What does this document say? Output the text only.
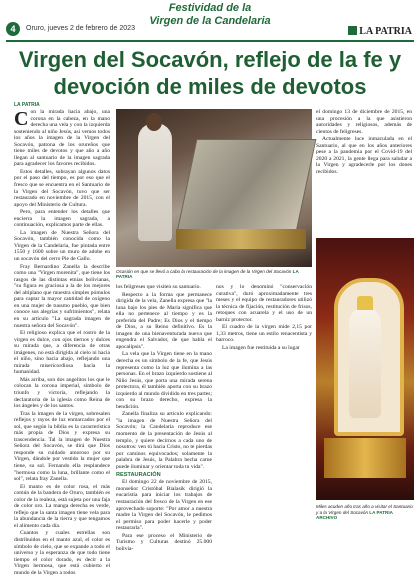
4	Oruro, jueves 2 de febrero de 2023
Festividad de la
Virgen de la Candelaria
LA PATRIA
Virgen del Socavón, reflejo de la fe y devoción de miles de devotos
LA PATRIA
C on la mirada hacia abajo, una corona en la cabeza, en la mano derecha una vela y con la izquierda sosteniendo al niño Jesús, así vemos todos los años la imagen de la Virgen del Socavón, patrona de los orureños que tiene miles de devotos y que año a año llegan al santuario de la imagen sagrada para agradecer los favores recibidos.

Estos detalles, subrayan algunos datos por el paso del tiempo, es por eso que el fresco que se encuentra en el Santuario de la Virgen del Socavón, tuvo que ser restaurado en noviembre de 2015, con el apoyo del Ministerio de Cultura.

Pero, para entender los detalles que encierra la imagen sagrada, a continuación, explicamos parte de ellas.

La imagen de Nuestra Señora del Socavón, también conocida como la Virgen de la Candelaria, fue pintada entre 1550 y 1600 sobre un muro de adobe en un socavón del cerro Pie de Gallo.

Fray Bernardino Zanella la describe como una "Virgen morenita", que tiene los rasgos de las distintas etnias bolivianas, "su figura es graciosa a la de los mejores del altiplano que muestra simples pómulos para captar la mayor cantidad de oxígeno en una mujer de tuusmo pueblo, que bien conoce sus alegrías y sufrimientos", relata en su artículo "La sagrada imagen de nuestra señora del Socavón".

El religioso explica que el rostro de la virgen es dulce, con ojos tiernos y dulces su mirada que, a diferencia de otras imágenes, no está dirigida al cielo ni hacia el niño, sino hacia abajo, reflejando una mirada misericordiosa hacia la humanidad.

Más arriba, son dos angelitos los que le colocan la corona imperial, símbolo de triunfo y victoria, reflejando la declaratoria de la iglesia como Reina de los ángeles y de los santos.

Tras la imagen de la virgen, sobresalen reflejos y rayos de luz enmarcados por el sol, que según la biblia es la característica más propia de Dios y expresa su trascendencia. Tal la imagen de Nuestra Señora del Socavón, se dirá que Dios responde su cuidado amoroso por su Virgen, dándole por vestido la mujer que tiene, su sol. Fernando ella resplandece "hermosa como la luna, brillante como el sol", relata fray Zanella.

El manto es de color rosa, el más común de la bandera de Oruro, también es color de la realeza, está sujeta por una faja de color oro. La manga derecha es verde, reflejo que la santa imagen tiene vela para la abundancia de la tierra y que tengamos el alimento cada día.

Cuantos y cuales estrellas son distribuidos en el manto azul, el color es símbolo de cielo, que se expande a todo el universo y la esperanza de que todo tiene tiempo el color dorado, es decir a la Virgen hermosa, que está cubierto el mundo de la Virgen a todos

Ocasión en que se llevó a cabo la restauración de la imagen de la Virgen del Socavón LA PATRIA

los feligreses que visiten su santuario.

Respecto a la forma que permanece dirigida de la vela, Zanella expresa que "la luna bajo los pies de María significa que ella no pertenece al tiempo y es la preferida del Padre; Es Dios y el tiempo de Dios, a su Reino definitivo. Es la imagen de una bienaventurada nueva que engendra el Salvador, de que habla el apocalipsis".

La vela que la Virgen tiene en la mano derecha es un símbolo de la fe, que Jesús representa como la luz que ilumina a las personas. En el brazo izquierdo sostiene al Niño Jesús, que porta una mirada serena protectora, él también aporta con su brazo izquierdo al mundo dividido en tres partes; con su brazo derecho, expresa la bendición.

Zanella finaliza su artículo explicando: "la imagen de Nuestra Señora del Socavón; la Candelaria reproduce ese momento de la presentación de Jesús al templo, y quiere decirnos a cada uno de nosotros: ven tú hacia Cristo, no te pierdas por caminos equivocados; solamente la palabra de Jesús, la Palabra hecha carne puede iluminar y orientar toda tu vida".

RESTAURACIÓN

El domingo 22 de noviembre de 2015, monseñor Cristóbal Bialasik dirigió la eucaristía para iniciar los trabajos de restauración del fresco de la Virgen en ese aprovechado soporte: "Por amor a nuestra madre la Virgen del Socavón, le pedimos el permiso para poder hacerle y poder restaurarla".

Para ese proceso el Ministerio de Turismo y Culturas destinó 25.000 bolivia-

nos y lo denominó "conservación curativa", duró aproximadamente tres meses y el equipo de restauradores utilizó la técnica de fijación, restitución de frisos, retoques con acuarela y el uso de un barniz protector.

El cuadro de la virgen mide 2,15 por 1,33 metros, tiene un estilo renacentista y barroco.

La imagen fue restituida a su lugar

el domingo 13 de diciembre de 2015, en una procesión a la que asistieron autoridades y religiosos, además de cientos de feligreses.

Actualmente luce inmaculada en el Santuario, al que en los años anteriores pese a la pandemia por el Covid-19 del 2020 a 2021, la gente llega para saludar a la Virgen y agradecerle por los dones recibidos.

Miles acuden año tras año a visitar el Santuario y a la Virgen del Socavón LA PATRIA ARCHIVO
